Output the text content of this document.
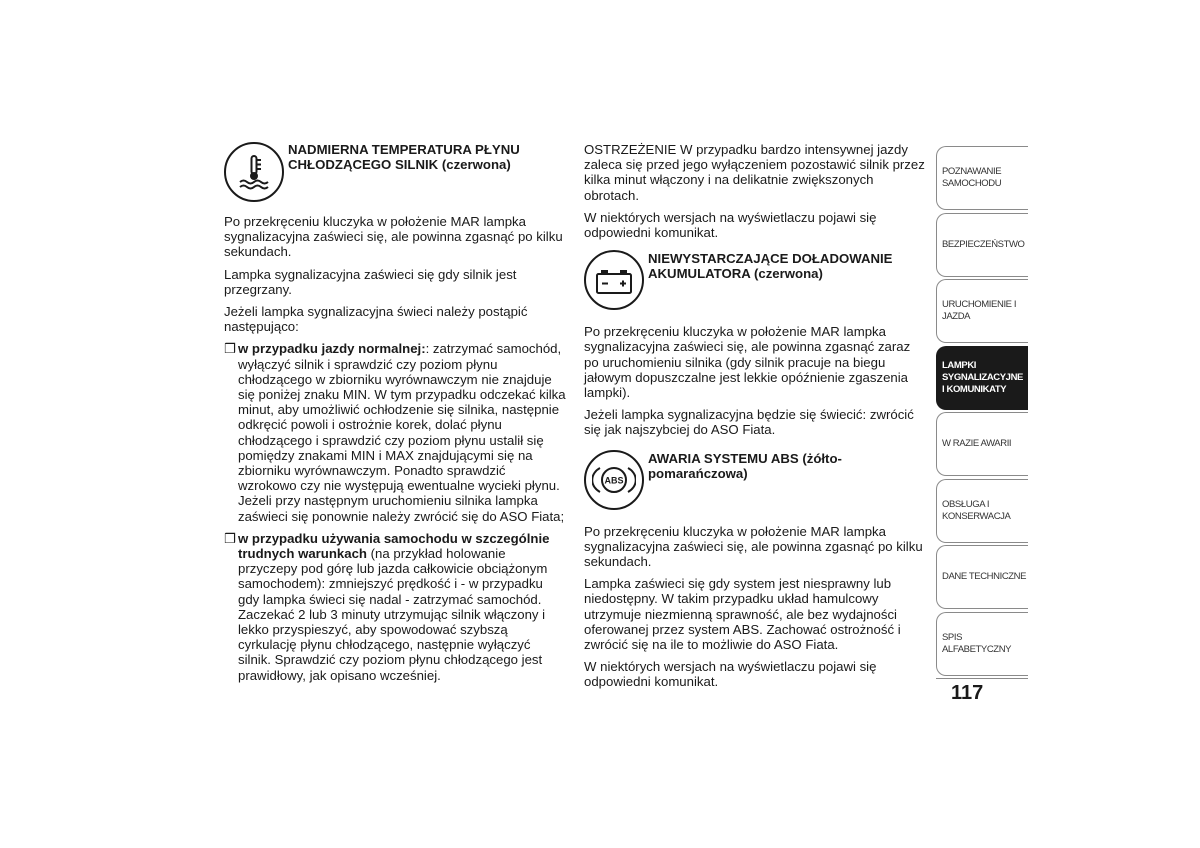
NADMIERNA TEMPERATURA PŁYNU CHŁODZĄCEGO SILNIK (czerwona)

Po przekręceniu kluczyka w położenie MAR lampka sygnalizacyjna zaświeci się, ale powinna zgasnąć po kilku sekundach.

Lampka sygnalizacyjna zaświeci się gdy silnik jest przegrzany.

Jeżeli lampka sygnalizacyjna świeci należy postąpić następująco:

❒ w przypadku jazdy normalnej:: zatrzymać samochód, wyłączyć silnik i sprawdzić czy poziom płynu chłodzącego w zbiorniku wyrównawczym nie znajduje się poniżej znaku MIN. W tym przypadku odczekać kilka minut, aby umożliwić ochłodzenie się silnika, następnie odkręcić powoli i ostrożnie korek, dolać płynu chłodzącego i sprawdzić czy poziom płynu ustalił się pomiędzy znakami MIN i MAX znajdującymi się na zbiorniku wyrównawczym. Ponadto sprawdzić wzrokowo czy nie występują ewentualne wycieki płynu. Jeżeli przy następnym uruchomieniu silnika lampka zaświeci się ponownie należy zwrócić się do ASO Fiata;
❒ w przypadku używania samochodu w szczególnie trudnych warunkach (na przykład holowanie przyczepy pod górę lub jazda całkowicie obciążonym samochodem): zmniejszyć prędkość i - w przypadku gdy lampka świeci się nadal - zatrzymać samochód. Zaczekać 2 lub 3 minuty utrzymując silnik włączony i lekko przyspieszyć, aby spowodować szybszą cyrkulację płynu chłodzącego, następnie wyłączyć silnik. Sprawdzić czy poziom płynu chłodzącego jest prawidłowy, jak opisano wcześniej.

OSTRZEŻENIE W przypadku bardzo intensywnej jazdy zaleca się przed jego wyłączeniem pozostawić silnik przez kilka minut włączony i na delikatnie zwiększonych obrotach.

W niektórych wersjach na wyświetlaczu pojawi się odpowiedni komunikat.

NIEWYSTARCZAJĄCE DOŁADOWANIE AKUMULATORA (czerwona)

Po przekręceniu kluczyka w położenie MAR lampka sygnalizacyjna zaświeci się, ale powinna zgasnąć zaraz po uruchomieniu silnika (gdy silnik pracuje na biegu jałowym dopuszczalne jest lekkie opóźnienie zgaszenia lampki).

Jeżeli lampka sygnalizacyjna będzie się świecić: zwrócić się jak najszybciej do ASO Fiata.

ABS
AWARIA SYSTEMU ABS (żółto-pomarańczowa)

Po przekręceniu kluczyka w położenie MAR lampka sygnalizacyjna zaświeci się, ale powinna zgasnąć po kilku sekundach.

Lampka zaświeci się gdy system jest niesprawny lub niedostępny. W takim przypadku układ hamulcowy utrzymuje niezmienną sprawność, ale bez wydajności oferowanej przez system ABS. Zachować ostrożność i zwrócić się na ile to możliwie do ASO Fiata.

W niektórych wersjach na wyświetlaczu pojawi się odpowiedni komunikat.

POZNAWANIE
SAMOCHODU
BEZPIECZEŃSTWO
URUCHOMIENIE I
JAZDA
LAMPKI
SYGNALIZACYJNE
I KOMUNIKATY
W RAZIE AWARII
OBSŁUGA I
KONSERWACJA
DANE TECHNICZNE
SPIS ALFABETYCZNY
117
